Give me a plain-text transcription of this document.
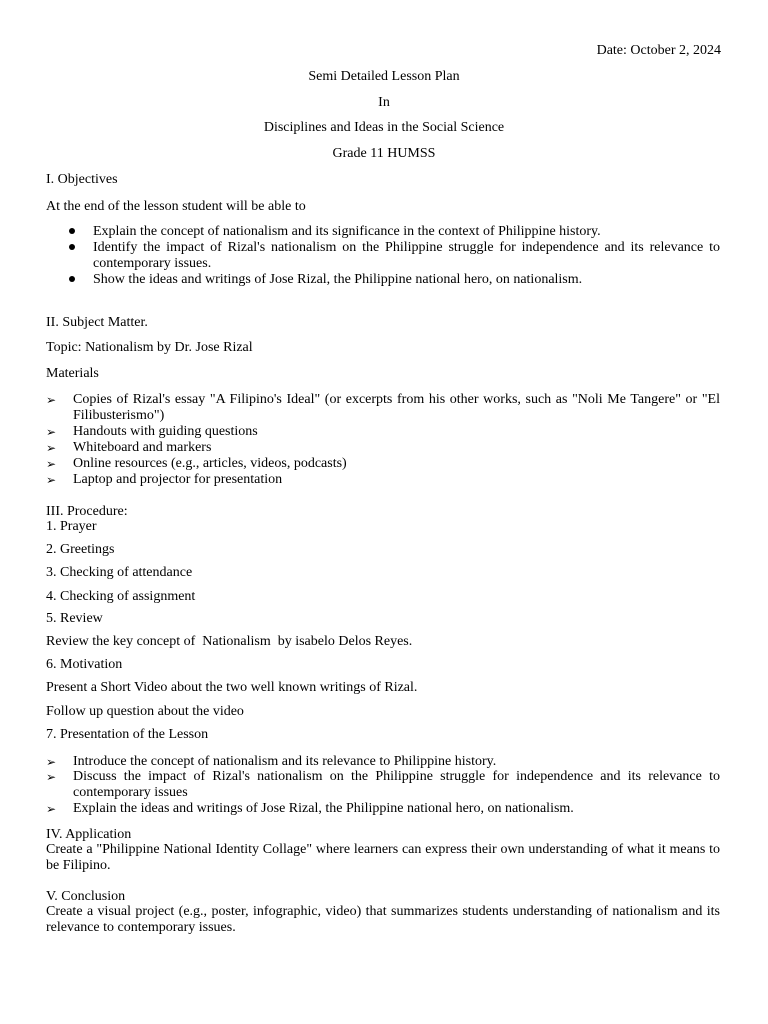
Date: October 2, 2024

Semi Detailed Lesson Plan

In

Disciplines and Ideas in the Social Science

Grade 11 HUMSS

I. Objectives

At the end of the lesson student will be able to

Explain the concept of nationalism and its significance in the context of Philippine history.

Identify the impact of Rizal's nationalism on the Philippine struggle for independence and its relevance to contemporary issues.

Show the ideas and writings of Jose Rizal, the Philippine national hero, on nationalism.

II. Subject Matter.

Topic: Nationalism by Dr. Jose Rizal

Materials

➢ Copies of Rizal's essay "A Filipino's Ideal" (or excerpts from his other works, such as "Noli Me Tangere" or "El Filibusterismo")

➢ Handouts with guiding questions

➢ Whiteboard and markers

➢ Online resources (e.g., articles, videos, podcasts)

➢ Laptop and projector for presentation

III. Procedure:

1. Prayer

2. Greetings

3. Checking of attendance

4. Checking of assignment

5. Review

Review the key concept of  Nationalism  by isabelo Delos Reyes.

6. Motivation

Present a Short Video about the two well known writings of Rizal.

Follow up question about the video

7. Presentation of the Lesson

➢ Introduce the concept of nationalism and its relevance to Philippine history.

➢ Discuss the impact of Rizal's nationalism on the Philippine struggle for independence and its relevance to contemporary issues

➢ Explain the ideas and writings of Jose Rizal, the Philippine national hero, on nationalism.

IV. Application

Create a "Philippine National Identity Collage" where learners can express their own understanding of what it means to be Filipino.

V. Conclusion

Create a visual project (e.g., poster, infographic, video) that summarizes students understanding of nationalism and its relevance to contemporary issues.
